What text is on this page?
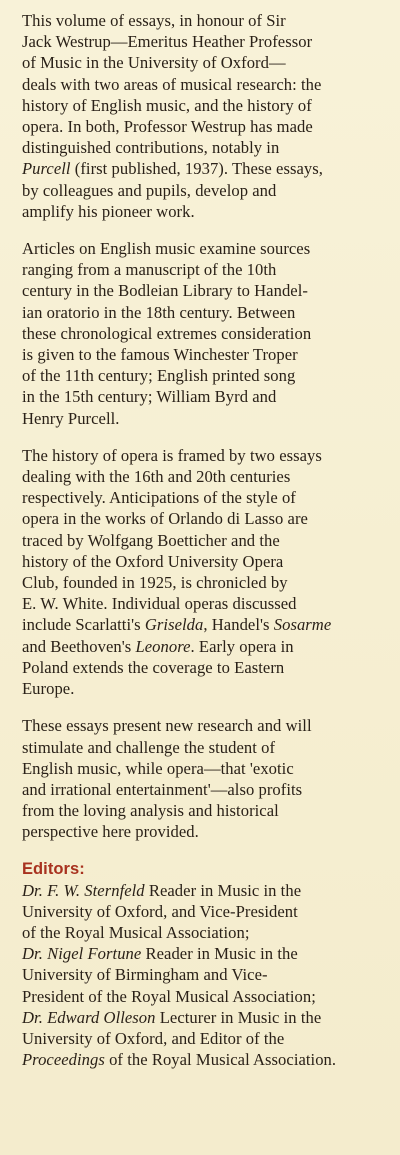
This volume of essays, in honour of Sir
Jack Westrup—Emeritus Heather Professor
of Music in the University of Oxford—
deals with two areas of musical research: the
history of English music, and the history of
opera. In both, Professor Westrup has made
distinguished contributions, notably in
Purcell (first published, 1937). These essays,
by colleagues and pupils, develop and
amplify his pioneer work.

Articles on English music examine sources
ranging from a manuscript of the 10th
century in the Bodleian Library to Handel-
ian oratorio in the 18th century. Between
these chronological extremes consideration
is given to the famous Winchester Troper
of the 11th century; English printed song
in the 15th century; William Byrd and
Henry Purcell.

The history of opera is framed by two essays
dealing with the 16th and 20th centuries
respectively. Anticipations of the style of
opera in the works of Orlando di Lasso are
traced by Wolfgang Boetticher and the
history of the Oxford University Opera
Club, founded in 1925, is chronicled by
E. W. White. Individual operas discussed
include Scarlatti's Griselda, Handel's Sosarme
and Beethoven's Leonore. Early opera in
Poland extends the coverage to Eastern
Europe.

These essays present new research and will
stimulate and challenge the student of
English music, while opera—that 'exotic
and irrational entertainment'—also profits
from the loving analysis and historical
perspective here provided.

Editors:
Dr. F. W. Sternfeld Reader in Music in the
University of Oxford, and Vice-President
of the Royal Musical Association;
Dr. Nigel Fortune Reader in Music in the
University of Birmingham and Vice-
President of the Royal Musical Association;
Dr. Edward Olleson Lecturer in Music in the
University of Oxford, and Editor of the
Proceedings of the Royal Musical Association.
